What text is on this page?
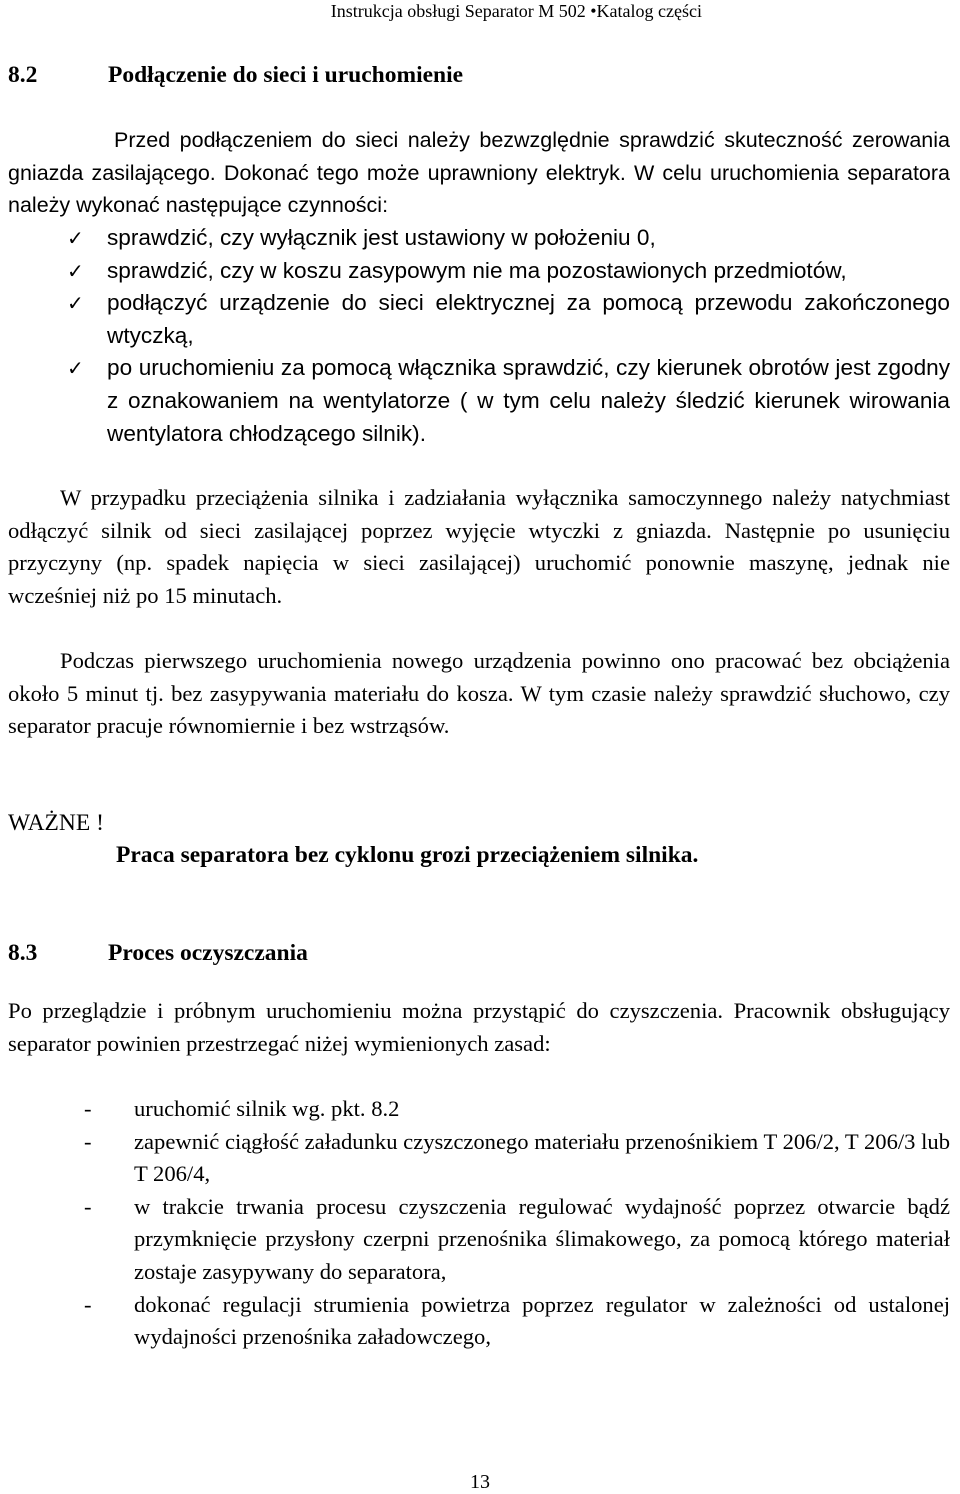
Instrukcja obsługi Separator M 502 •Katalog części
8.2	Podłączenie do sieci i uruchomienie
Przed podłączeniem do sieci należy bezwzględnie sprawdzić skuteczność zerowania gniazda zasilającego. Dokonać tego może uprawniony elektryk. W celu uruchomienia separatora należy wykonać następujące czynności:
✓ sprawdzić, czy wyłącznik jest ustawiony w położeniu 0,
✓ sprawdzić, czy w koszu zasypowym nie ma pozostawionych przedmiotów,
✓ podłączyć urządzenie do sieci elektrycznej za pomocą przewodu zakończonego wtyczką,
✓ po uruchomieniu za pomocą włącznika sprawdzić, czy kierunek obrotów jest zgodny z oznakowaniem na wentylatorze ( w tym celu należy śledzić kierunek wirowania wentylatora chłodzącego silnik).
W przypadku przeciążenia silnika i zadziałania wyłącznika samoczynnego należy natychmiast odłączyć silnik od sieci zasilającej poprzez wyjęcie wtyczki z gniazda. Następnie po usunięciu przyczyny (np. spadek napięcia w sieci zasilającej) uruchomić ponownie maszynę, jednak nie wcześniej niż po 15 minutach.
Podczas pierwszego uruchomienia nowego urządzenia powinno ono pracować bez obciążenia około 5 minut tj. bez zasypywania materiału do kosza. W tym czasie należy sprawdzić słuchowo, czy separator pracuje równomiernie i bez wstrząsów.
WAŻNE !
Praca separatora bez cyklonu grozi przeciążeniem silnika.
8.3	Proces oczyszczania
Po przeglądzie i próbnym uruchomieniu można przystąpić do czyszczenia. Pracownik obsługujący separator powinien przestrzegać niżej wymienionych zasad:
- uruchomić silnik wg. pkt. 8.2
- zapewnić ciągłość załadunku czyszczonego materiału przenośnikiem T 206/2, T 206/3 lub T 206/4,
- w trakcie trwania procesu czyszczenia regulować wydajność poprzez otwarcie bądź przymknięcie przysłony czerpni przenośnika ślimakowego, za pomocą którego materiał zostaje zasypywany do separatora,
- dokonać regulacji strumienia powietrza poprzez regulator w zależności od ustalonej wydajności przenośnika załadowczego,
13
